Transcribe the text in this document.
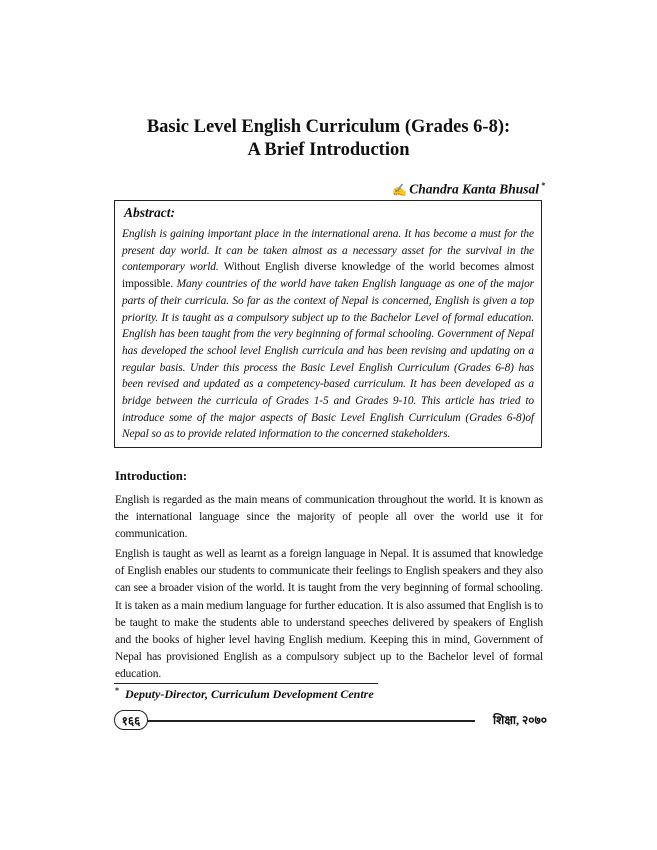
Basic Level English Curriculum (Grades 6-8):
A Brief Introduction
✍ Chandra Kanta Bhusal *

Abstract:

English is gaining important place in the international arena. It has become a must for the present day world. It can be taken almost as a necessary asset for the survival in the contemporary world. Without English diverse knowledge of the world becomes almost impossible. Many countries of the world have taken English language as one of the major parts of their curricula. So far as the context of Nepal is concerned, English is given a top priority. It is taught as a compulsory subject up to the Bachelor Level of formal education. English has been taught from the very beginning of formal schooling. Government of Nepal has developed the school level English curricula and has been revising and updating on a regular basis. Under this process the Basic Level English Curriculum (Grades 6-8) has been revised and updated as a competency-based curriculum. It has been developed as a bridge between the curricula of Grades 1-5 and Grades 9-10. This article has tried to introduce some of the major aspects of Basic Level English Curriculum (Grades 6-8)of Nepal so as to provide related information to the concerned stakeholders.

Introduction:

English is regarded as the main means of communication throughout the world. It is known as the international language since the majority of people all over the world use it for communication.

English is taught as well as learnt as a foreign language in Nepal. It is assumed that knowledge of English enables our students to communicate their feelings to English speakers and they also can see a broader vision of the world. It is taught from the very beginning of formal schooling. It is taken as a main medium language for further education. It is also assumed that English is to be taught to make the students able to understand speeches delivered by speakers of English and the books of higher level having English medium. Keeping this in mind, Government of Nepal has provisioned English as a compulsory subject up to the Bachelor level of formal education.

* Deputy-Director, Curriculum Development Centre
१६६	शिक्षा, २०७०
